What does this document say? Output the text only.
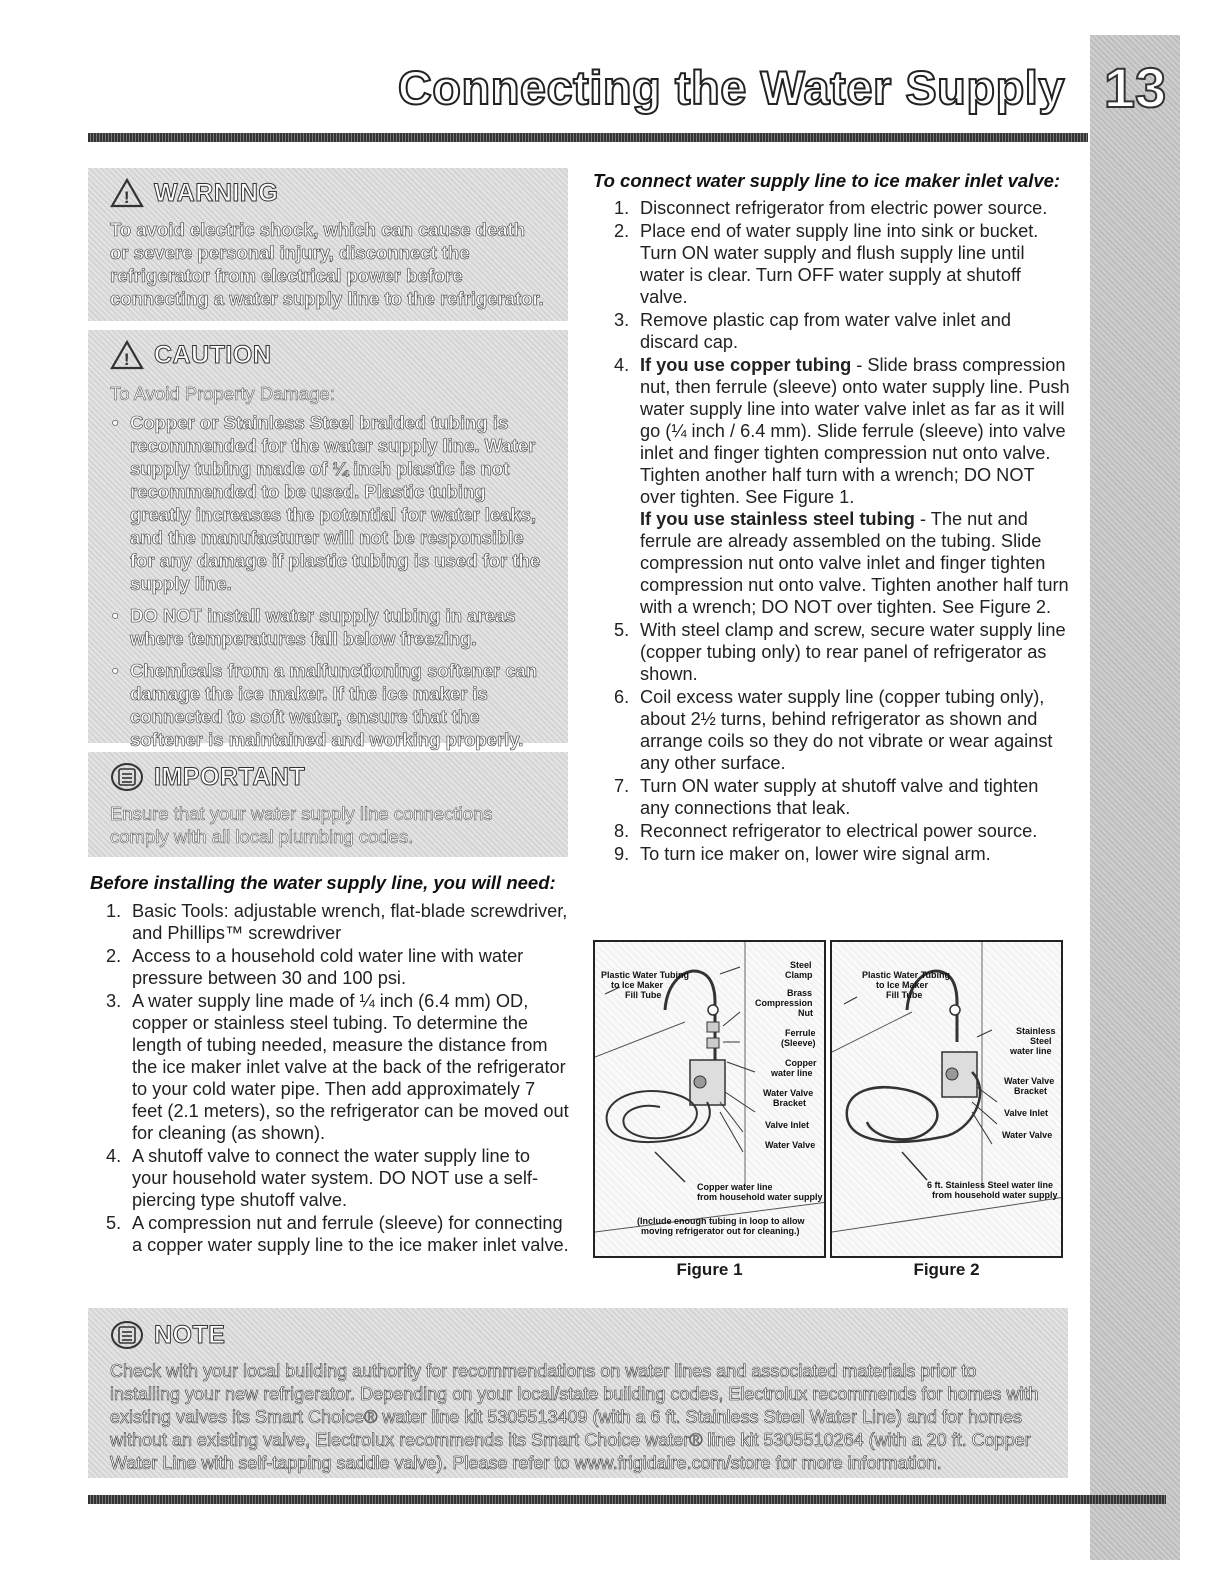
13
Connecting the Water Supply
! WARNING
To avoid electric shock, which can cause death or severe personal injury, disconnect the refrigerator from electrical power before connecting a water supply line to the refrigerator.
! CAUTION
To Avoid Property Damage:
• Copper or Stainless Steel braided tubing is recommended for the water supply line. Water supply tubing made of ¼ inch plastic is not recommended to be used. Plastic tubing greatly increases the potential for water leaks, and the manufacturer will not be responsible for any damage if plastic tubing is used for the supply line.
• DO NOT install water supply tubing in areas where temperatures fall below freezing.
• Chemicals from a malfunctioning softener can damage the ice maker. If the ice maker is connected to soft water, ensure that the softener is maintained and working properly.
IMPORTANT
Ensure that your water supply line connections comply with all local plumbing codes.
Before installing the water supply line, you will need:
1. Basic Tools: adjustable wrench, flat-blade screwdriver, and Phillips™ screwdriver
2. Access to a household cold water line with water pressure between 30 and 100 psi.
3. A water supply line made of ¼ inch (6.4 mm) OD, copper or stainless steel tubing. To determine the length of tubing needed, measure the distance from the ice maker inlet valve at the back of the refrigerator to your cold water pipe. Then add approximately 7 feet (2.1 meters), so the refrigerator can be moved out for cleaning (as shown).
4. A shutoff valve to connect the water supply line to your household water system. DO NOT use a self-piercing type shutoff valve.
5. A compression nut and ferrule (sleeve) for connecting a copper water supply line to the ice maker inlet valve.
To connect water supply line to ice maker inlet valve:
1. Disconnect refrigerator from electric power source.
2. Place end of water supply line into sink or bucket. Turn ON water supply and flush supply line until water is clear. Turn OFF water supply at shutoff valve.
3. Remove plastic cap from water valve inlet and discard cap.
4. If you use copper tubing - Slide brass compression nut, then ferrule (sleeve) onto water supply line. Push water supply line into water valve inlet as far as it will go (¼ inch / 6.4 mm). Slide ferrule (sleeve) into valve inlet and finger tighten compression nut onto valve. Tighten another half turn with a wrench; DO NOT over tighten. See Figure 1.

If you use stainless steel tubing - The nut and ferrule are already assembled on the tubing. Slide compression nut onto valve inlet and finger tighten compression nut onto valve. Tighten another half turn with a wrench; DO NOT over tighten. See Figure 2.

5. With steel clamp and screw, secure water supply line (copper tubing only) to rear panel of refrigerator as shown.
6. Coil excess water supply line (copper tubing only), about 2½ turns, behind refrigerator as shown and arrange coils so they do not vibrate or wear against any other surface.
7. Turn ON water supply at shutoff valve and tighten any connections that leak.
8. Reconnect refrigerator to electrical power source.
9. To turn ice maker on, lower wire signal arm.
Plastic Water Tubing
to Ice Maker
Fill Tube
Steel
Clamp
Brass
Compression
Nut
Ferrule
(Sleeve)
Copper
water line
Water Valve
Bracket
Valve Inlet
Water Valve
Copper water line
from household water supply
(Include enough tubing in loop to allow
moving refrigerator out for cleaning.)
Figure 1
Plastic Water Tubing
to Ice Maker
Fill Tube
Stainless
Steel
water line
Water Valve
Bracket
Valve Inlet
Water Valve
6 ft. Stainless Steel water line
from household water supply
Figure 2
NOTE
Check with your local building authority for recommendations on water lines and associated materials prior to installing your new refrigerator. Depending on your local/state building codes, Electrolux recommends for homes with existing valves its Smart Choice® water line kit 5305513409 (with a 6 ft. Stainless Steel Water Line) and for homes without an existing valve, Electrolux recommends its Smart Choice water® line kit 5305510264 (with a 20 ft. Copper Water Line with self-tapping saddle valve). Please refer to www.frigidaire.com/store for more information.
